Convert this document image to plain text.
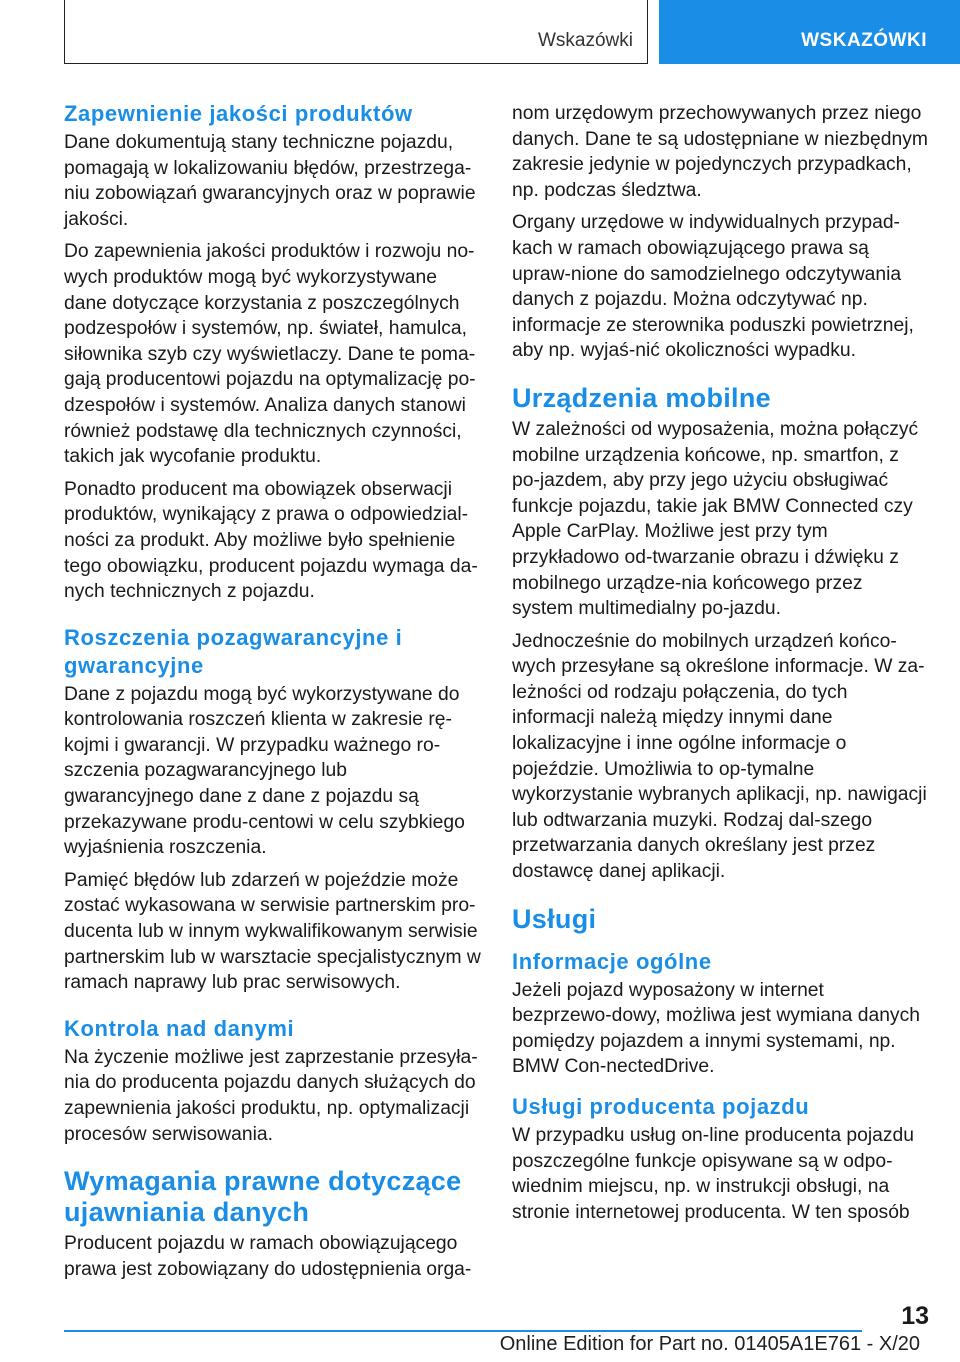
Wskazówki	WSKAZÓWKI
Zapewnienie jakości produktów

Dane dokumentują stany techniczne pojazdu, pomagają w lokalizowaniu błędów, przestrzega-niu zobowiązań gwarancyjnych oraz w poprawie jakości.

Do zapewnienia jakości produktów i rozwoju no-wych produktów mogą być wykorzystywane dane dotyczące korzystania z poszczególnych podzespołów i systemów, np. świateł, hamulca, siłownika szyb czy wyświetlaczy. Dane te poma-gają producentowi pojazdu na optymalizację po-dzespołów i systemów. Analiza danych stanowi również podstawę dla technicznych czynności, takich jak wycofanie produktu.

Ponadto producent ma obowiązek obserwacji produktów, wynikający z prawa o odpowiedzial-ności za produkt. Aby możliwe było spełnienie tego obowiązku, producent pojazdu wymaga da-nych technicznych z pojazdu.

Roszczenia pozagwarancyjne i gwarancyjne

Dane z pojazdu mogą być wykorzystywane do kontrolowania roszczeń klienta w zakresie rę-kojmi i gwarancji. W przypadku ważnego ro-szczenia pozagwarancyjnego lub gwarancyjnego dane z dane z pojazdu są przekazywane produ-centowi w celu szybkiego wyjaśnienia roszczenia.

Pamięć błędów lub zdarzeń w pojeździe może zostać wykasowana w serwisie partnerskim pro-ducenta lub w innym wykwalifikowanym serwisie partnerskim lub w warsztacie specjalistycznym w ramach naprawy lub prac serwisowych.

Kontrola nad danymi

Na życzenie możliwe jest zaprzestanie przesyła-nia do producenta pojazdu danych służących do zapewnienia jakości produktu, np. optymalizacji procesów serwisowania.

Wymagania prawne dotyczące ujawniania danych

Producent pojazdu w ramach obowiązującego prawa jest zobowiązany do udostępnienia orga-

nom urzędowym przechowywanych przez niego danych. Dane te są udostępniane w niezbędnym zakresie jedynie w pojedynczych przypadkach, np. podczas śledztwa.

Organy urzędowe w indywidualnych przypad-kach w ramach obowiązującego prawa są upraw-nione do samodzielnego odczytywania danych z pojazdu. Można odczytywać np. informacje ze sterownika poduszki powietrznej, aby np. wyjaś-nić okoliczności wypadku.

Urządzenia mobilne

W zależności od wyposażenia, można połączyć mobilne urządzenia końcowe, np. smartfon, z po-jazdem, aby przy jego użyciu obsługiwać funkcje pojazdu, takie jak BMW Connected czy Apple CarPlay. Możliwe jest przy tym przykładowo od-twarzanie obrazu i dźwięku z mobilnego urządze-nia końcowego przez system multimedialny po-jazdu.

Jednocześnie do mobilnych urządzeń końco-wych przesyłane są określone informacje. W za-leżności od rodzaju połączenia, do tych informacji należą między innymi dane lokalizacyjne i inne ogólne informacje o pojeździe. Umożliwia to op-tymalne wykorzystanie wybranych aplikacji, np. nawigacji lub odtwarzania muzyki. Rodzaj dal-szego przetwarzania danych określany jest przez dostawcę danej aplikacji.

Usługi
Informacje ogólne

Jeżeli pojazd wyposażony w internet bezprzewo-dowy, możliwa jest wymiana danych pomiędzy pojazdem a innymi systemami, np. BMW Con-nectedDrive.

Usługi producenta pojazdu

W przypadku usług on-line producenta pojazdu poszczególne funkcje opisywane są w odpo-wiednim miejscu, np. w instrukcji obsługi, na stronie internetowej producenta. W ten sposób

13
Online Edition for Part no. 01405A1E761 - X/20
